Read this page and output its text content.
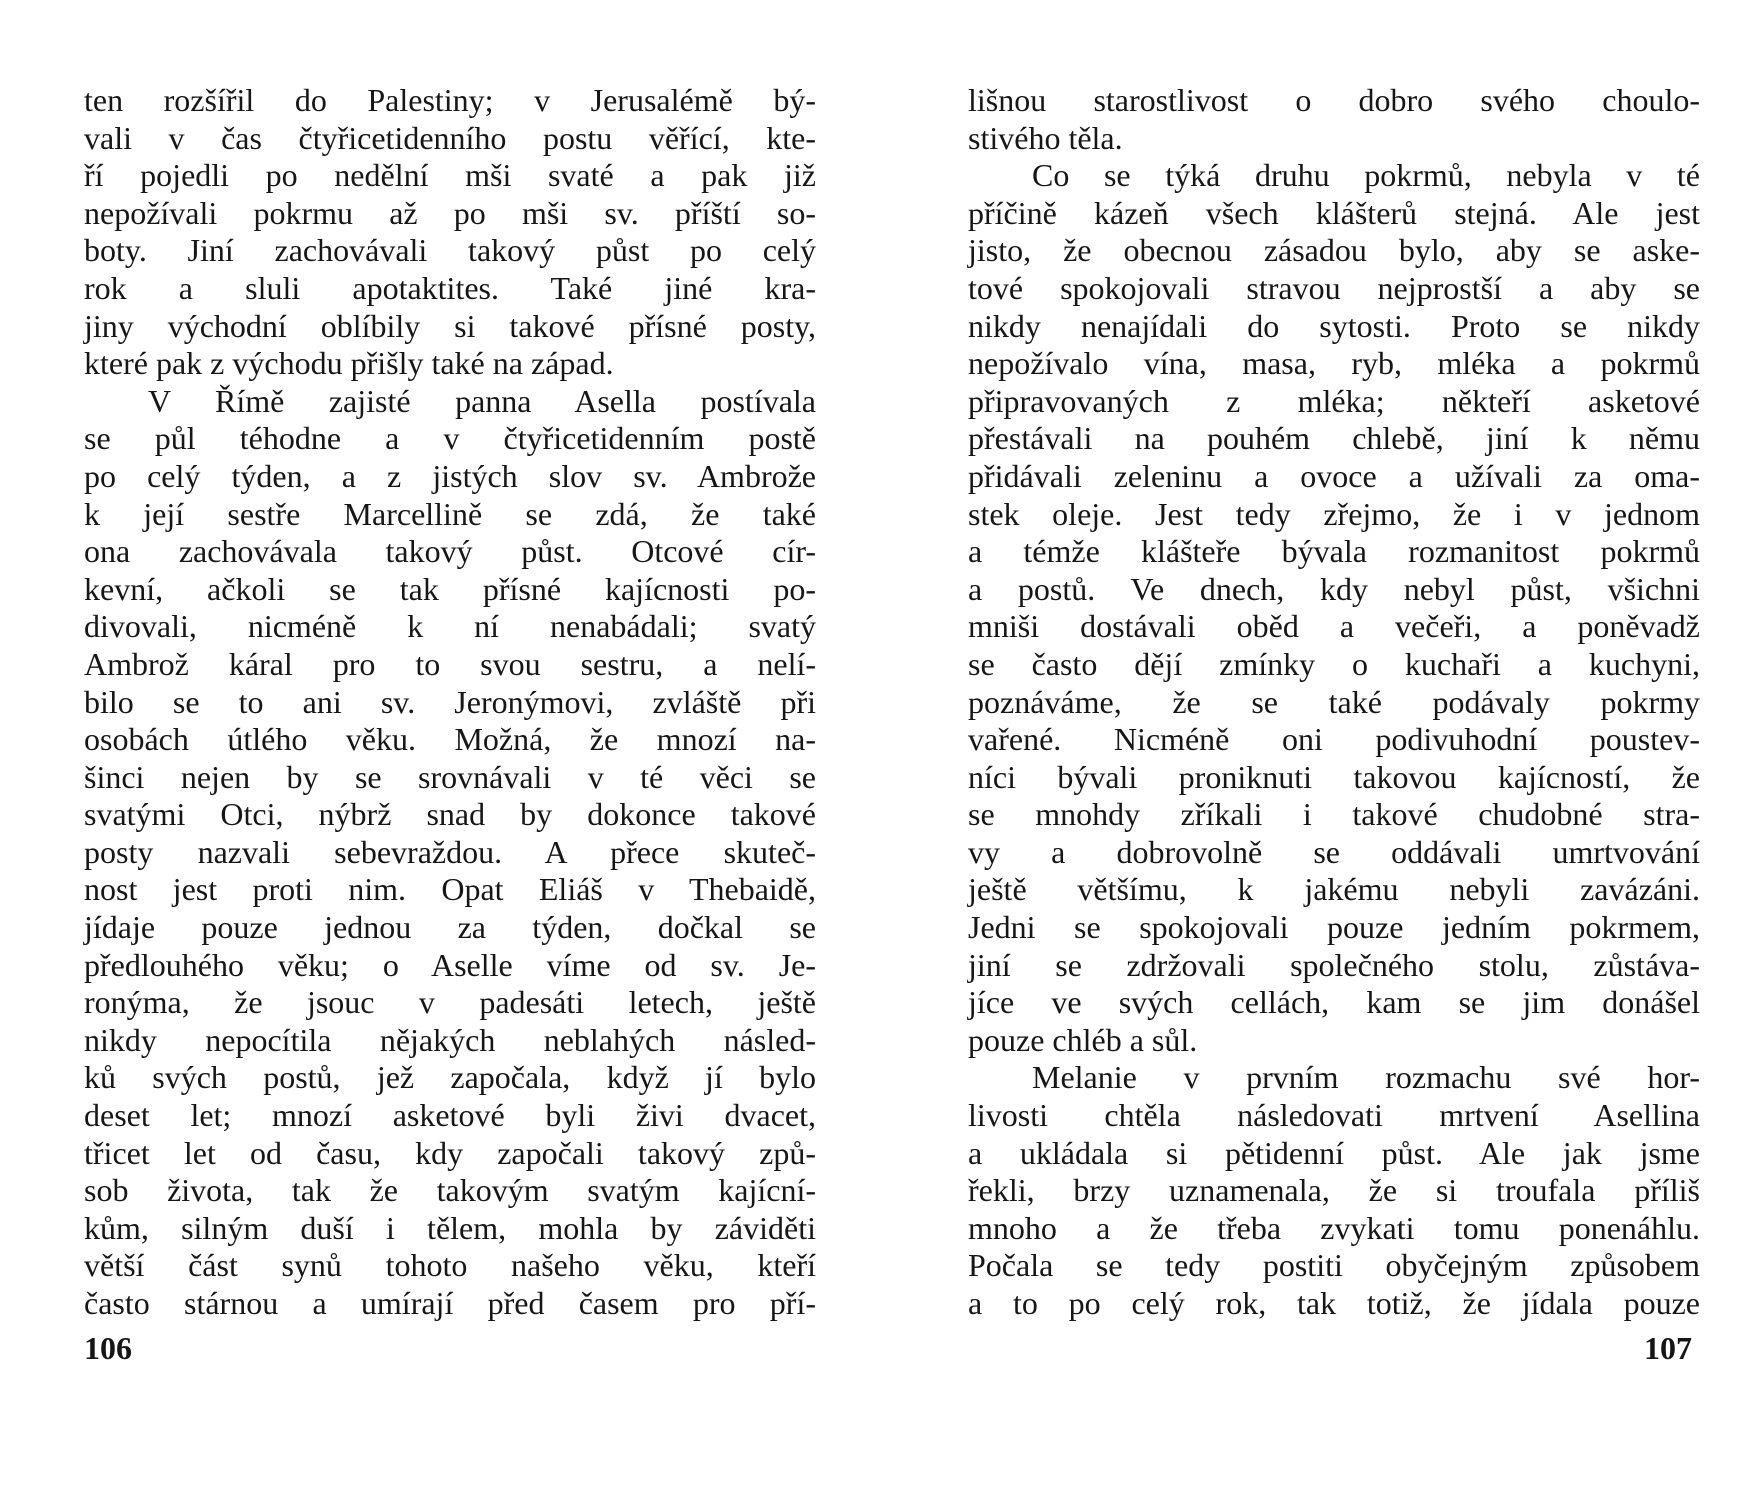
ten rozšířil do Palestiny; v Jerusalémě bý-
vali v čas čtyřicetidenního postu věřící, kte-
ří pojedli po nedělní mši svaté a pak již
nepožívali pokrmu až po mši sv. příští so-
boty. Jiní zachovávali takový půst po celý
rok a sluli apotaktites. Také jiné kra-
jiny východní oblíbily si takové přísné posty,
které pak z východu přišly také na západ.
V Římě zajisté panna Asella postívala
se půl téhodne a v čtyřicetidenním postě
po celý týden, a z jistých slov sv. Ambrože
k její sestře Marcellině se zdá, že také
ona zachovávala takový půst. Otcové cír-
kevní, ačkoli se tak přísné kajícnosti po-
divovali, nicméně k ní nenabádali; svatý
Ambrož káral pro to svou sestru, a nelí-
bilo se to ani sv. Jeronýmovi, zvláště při
osobách útlého věku. Možná, že mnozí na-
šinci nejen by se srovnávali v té věci se
svatými Otci, nýbrž snad by dokonce takové
posty nazvali sebevraždou. A přece skuteč-
nost jest proti nim. Opat Eliáš v Thebaidě,
jídaje pouze jednou za týden, dočkal se
předlouhého věku; o Aselle víme od sv. Je-
ronýma, že jsouc v padesáti letech, ještě
nikdy nepocítila nějakých neblahých násled-
ků svých postů, jež započala, když jí bylo
deset let; mnozí asketové byli živi dvacet,
třicet let od času, kdy započali takový způ-
sob života, tak že takovým svatým kajícní-
kům, silným duší i tělem, mohla by záviděti
větší část synů tohoto našeho věku, kteří
často stárnou a umírají před časem pro pří-
lišnou starostlivost o dobro svého choulo-
stivého těla.
Co se týká druhu pokrmů, nebyla v té
příčině kázeň všech klášterů stejná. Ale jest
jisto, že obecnou zásadou bylo, aby se aske-
tové spokojovali stravou nejprostší a aby se
nikdy nenajídali do sytosti. Proto se nikdy
nepožívalo vína, masa, ryb, mléka a pokrmů
připravovaných z mléka; někteří asketové
přestávali na pouhém chlebě, jiní k němu
přidávali zeleninu a ovoce a užívali za oma-
stek oleje. Jest tedy zřejmo, že i v jednom
a témže klášteře bývala rozmanitost pokrmů
a postů. Ve dnech, kdy nebyl půst, všichni
mniši dostávali oběd a večeři, a poněvadž
se často dějí zmínky o kuchaři a kuchyni,
poznáváme, že se také podávaly pokrmy
vařené. Nicméně oni podivuhodní poustev-
níci bývali proniknuti takovou kajícností, že
se mnohdy zříkali i takové chudobné stra-
vy a dobrovolně se oddávali umrtvování
ještě většímu, k jakému nebyli zavázáni.
Jedni se spokojovali pouze jedním pokrmem,
jiní se zdržovali společného stolu, zůstáva-
jíce ve svých cellách, kam se jim donášel
pouze chléb a sůl.
Melanie v prvním rozmachu své hor-
livosti chtěla následovati mrtvení Asellina
a ukládala si pětidenní půst. Ale jak jsme
řekli, brzy uznamenala, že si troufala příliš
mnoho a že třeba zvykati tomu ponenáhlu.
Počala se tedy postiti obyčejným způsobem
a to po celý rok, tak totiž, že jídala pouze
106	107
